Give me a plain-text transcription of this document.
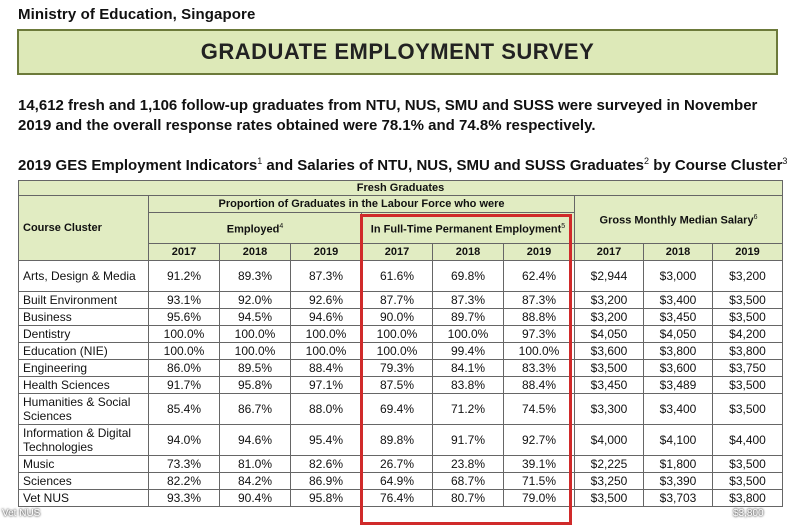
Ministry of Education, Singapore
GRADUATE EMPLOYMENT SURVEY
14,612 fresh and 1,106 follow-up graduates from NTU, NUS, SMU and SUSS were surveyed in November 2019 and the overall response rates obtained were 78.1% and 74.8% respectively.
2019 GES Employment Indicators$^1$ and Salaries of NTU, NUS, SMU and SUSS Graduates$^2$ by Course Cluster$^3$
Fresh Graduates									
Course Cluster	Proportion of Graduates in the Labour Force who were						Gross Monthly Median Salary$^6$
	Employed$^4$			In Full-Time Permanent Employment$^5$
	2017	2018	2019	2017	2018	2019	2017	2018	2019
Arts, Design & Media	91.2%	89.3%	87.3%	61.6%	69.8%	62.4%	$2,944	$3,000	$3,200
Built Environment	93.1%	92.0%	92.6%	87.7%	87.3%	87.3%	$3,200	$3,400	$3,500
Business	95.6%	94.5%	94.6%	90.0%	89.7%	88.8%	$3,200	$3,450	$3,500
Dentistry	100.0%	100.0%	100.0%	100.0%	100.0%	97.3%	$4,050	$4,050	$4,200
Education (NIE)	100.0%	100.0%	100.0%	100.0%	99.4%	100.0%	$3,600	$3,800	$3,800
Engineering	86.0%	89.5%	88.4%	79.3%	84.1%	83.3%	$3,500	$3,600	$3,750
Health Sciences	91.7%	95.8%	97.1%	87.5%	83.8%	88.4%	$3,450	$3,489	$3,500
Humanities & Social Sciences	85.4%	86.7%	88.0%	69.4%	71.2%	74.5%	$3,300	$3,400	$3,500
Information & Digital Technologies	94.0%	94.6%	95.4%	89.8%	91.7%	92.7%	$4,000	$4,100	$4,400
Music	73.3%	81.0%	82.6%	26.7%	23.8%	39.1%	$2,225	$1,800	$3,500
Sciences	82.2%	84.2%	86.9%	64.9%	68.7%	71.5%	$3,250	$3,390	$3,500
Vet NUS	93.3%	90.4%	95.8%	76.4%	80.7%	79.0%	$3,500	$3,703	$3,800
Vet NUS	$3,800
